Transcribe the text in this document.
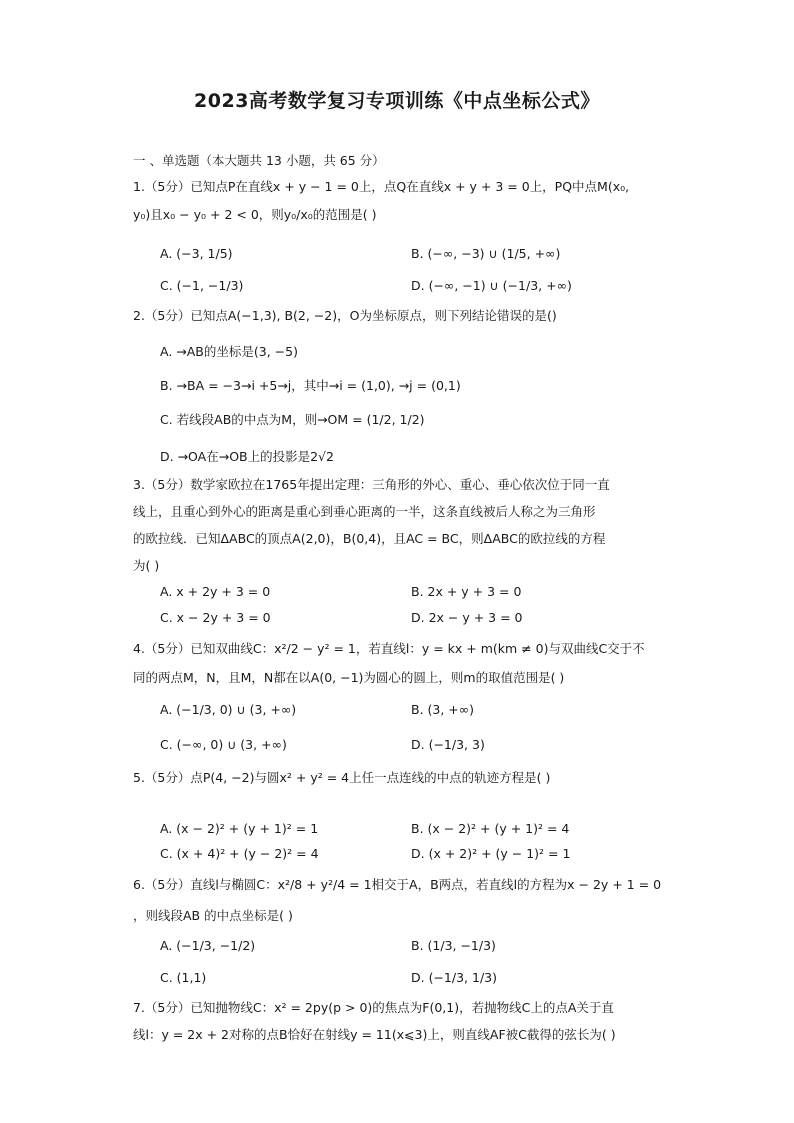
2023高考数学复习专项训练《中点坐标公式》
一 、单选题（本大题共 13 小题，共 65 分）
1.（5分）已知点P在直线x + y − 1 = 0上，点Q在直线x + y + 3 = 0上，PQ中点M(x₀,
y₀)且x₀ − y₀ + 2 < 0，则y₀/x₀的范围是( )
A. (−3, 1/5)	B. (−∞, −3) ∪ (1/5, +∞)
C. (−1, −1/3)	D. (−∞, −1) ∪ (−1/3, +∞)
2.（5分）已知点A(−1,3), B(2, −2)，O为坐标原点，则下列结论错误的是()
A. →AB的坐标是(3, −5)
B. →BA = −3→i +5→j，其中→i = (1,0), →j = (0,1)
C. 若线段AB的中点为M，则→OM = (1/2, 1/2)
D. →OA在→OB上的投影是2√2
3.（5分）数学家欧拉在1765年提出定理：三角形的外心、重心、垂心依次位于同一直
线上，且重心到外心的距离是重心到垂心距离的一半，这条直线被后人称之为三角形
的欧拉线．已知ΔABC的顶点A(2,0)，B(0,4)，且AC = BC，则ΔABC的欧拉线的方程
为( )
A. x + 2y + 3 = 0	B. 2x + y + 3 = 0
C. x − 2y + 3 = 0	D. 2x − y + 3 = 0
4.（5分）已知双曲线C：x²/2 − y² = 1，若直线l：y = kx + m(km ≠ 0)与双曲线C交于不
同的两点M，N，且M，N都在以A(0, −1)为圆心的圆上，则m的取值范围是( )
A. (−1/3, 0) ∪ (3, +∞)	B. (3, +∞)
C. (−∞, 0) ∪ (3, +∞)	D. (−1/3, 3)
5.（5分）点P(4, −2)与圆x² + y² = 4上任一点连线的中点的轨迹方程是( )
A. (x − 2)² + (y + 1)² = 1	B. (x − 2)² + (y + 1)² = 4
C. (x + 4)² + (y − 2)² = 4	D. (x + 2)² + (y − 1)² = 1
6.（5分）直线l与椭圆C：x²/8 + y²/4 = 1相交于A，B两点，若直线l的方程为x − 2y + 1 = 0
，则线段AB 的中点坐标是( )
A. (−1/3, −1/2)	B. (1/3, −1/3)
C. (1,1)	D. (−1/3, 1/3)
7.（5分）已知抛物线C：x² = 2py(p > 0)的焦点为F(0,1)，若抛物线C上的点A关于直
线l：y = 2x + 2对称的点B恰好在射线y = 11(x⩽3)上，则直线AF被C截得的弦长为( )
